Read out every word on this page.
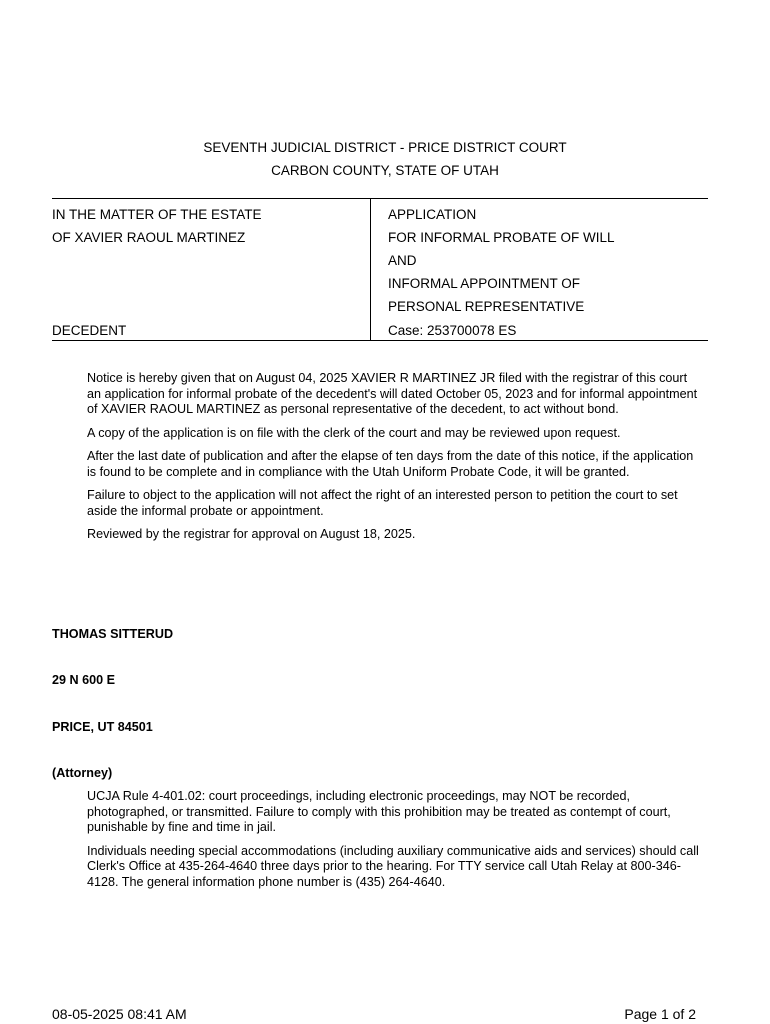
SEVENTH JUDICIAL DISTRICT - PRICE DISTRICT COURT
CARBON COUNTY, STATE OF UTAH
IN THE MATTER OF THE ESTATE
OF XAVIER RAOUL MARTINEZ
DECEDENT
APPLICATION
FOR INFORMAL PROBATE OF WILL
AND
INFORMAL APPOINTMENT OF
PERSONAL REPRESENTATIVE
Case: 253700078 ES

Notice is hereby given that on August 04, 2025 XAVIER R MARTINEZ JR filed with the registrar of this court an application for informal probate of the decedent's will dated October 05, 2023 and for informal appointment of XAVIER RAOUL MARTINEZ as personal representative of the decedent, to act without bond.

A copy of the application is on file with the clerk of the court and may be reviewed upon request.

After the last date of publication and after the elapse of ten days from the date of this notice, if the application is found to be complete and in compliance with the Utah Uniform Probate Code, it will be granted.

Failure to object to the application will not affect the right of an interested person to petition the court to set aside the informal probate or appointment.

Reviewed by the registrar for approval on August 18, 2025.

THOMAS SITTERUD
29 N 600 E
PRICE, UT 84501
(Attorney)

UCJA Rule 4-401.02: court proceedings, including electronic proceedings, may NOT be recorded, photographed, or transmitted. Failure to comply with this prohibition may be treated as contempt of court, punishable by fine and time in jail.

Individuals needing special accommodations (including auxiliary communicative aids and services) should call Clerk's Office at 435-264-4640 three days prior to the hearing. For TTY service call Utah Relay at 800-346-4128. The general information phone number is (435) 264-4640.

08-05-2025 08:41 AM	Page 1 of 2
